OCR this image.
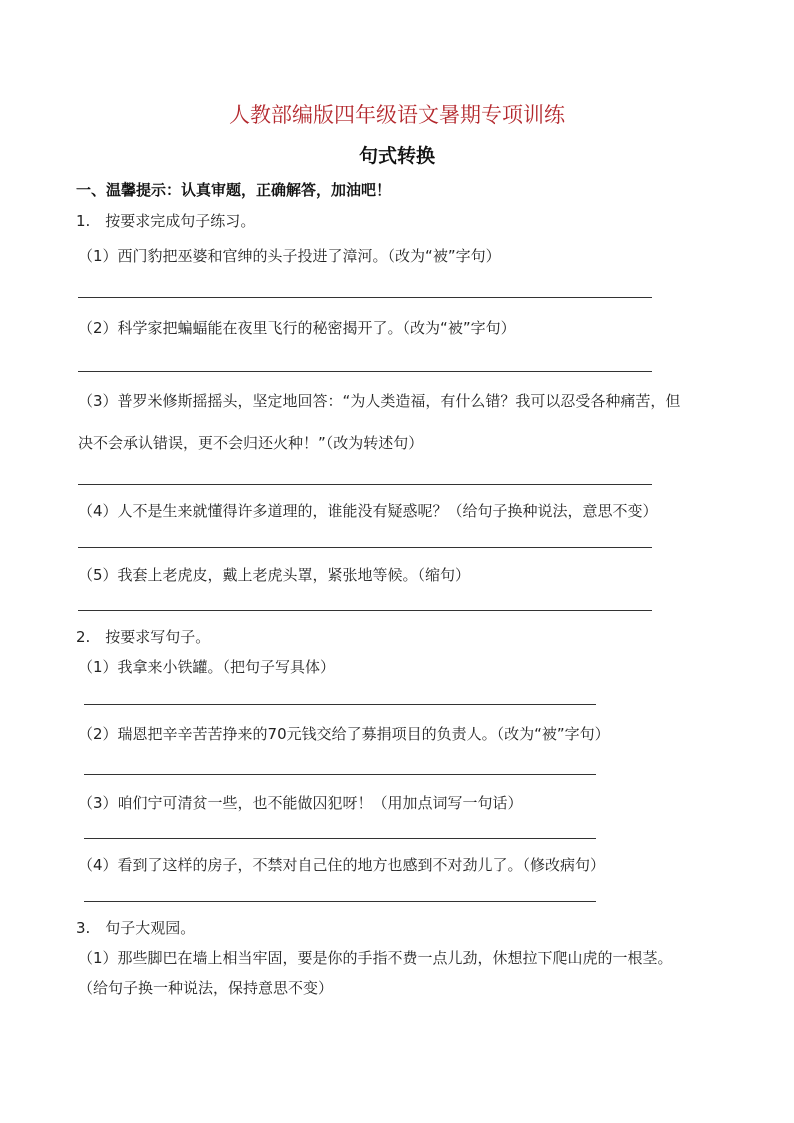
人教部编版四年级语文暑期专项训练
句式转换
一、温馨提示：认真审题，正确解答，加油吧！
1.　按要求完成句子练习。
（1）西门豹把巫婆和官绅的头子投进了漳河。（改为“被”字句）
（2）科学家把蝙蝠能在夜里飞行的秘密揭开了。（改为“被”字句）
（3）普罗米修斯摇摇头，坚定地回答：“为人类造福，有什么错？我可以忍受各种痛苦，但
决不会承认错误，更不会归还火种！”（改为转述句）
（4）人不是生来就懂得许多道理的，谁能没有疑惑呢？（给句子换种说法，意思不变）
（5）我套上老虎皮，戴上老虎头罩，紧张地等候。（缩句）
2.　按要求写句子。
（1）我拿来小铁罐。（把句子写具体）
（2）瑞恩把辛辛苦苦挣来的70元钱交给了募捐项目的负责人。（改为“被”字句）
（3）咱们宁可清贫一些，也不能做囚犯呀！（用加点词写一句话）
（4）看到了这样的房子，不禁对自己住的地方也感到不对劲儿了。（修改病句）
3.　句子大观园。
（1）那些脚巴在墙上相当牢固，要是你的手指不费一点儿劲，休想拉下爬山虎的一根茎。
（给句子换一种说法，保持意思不变）
